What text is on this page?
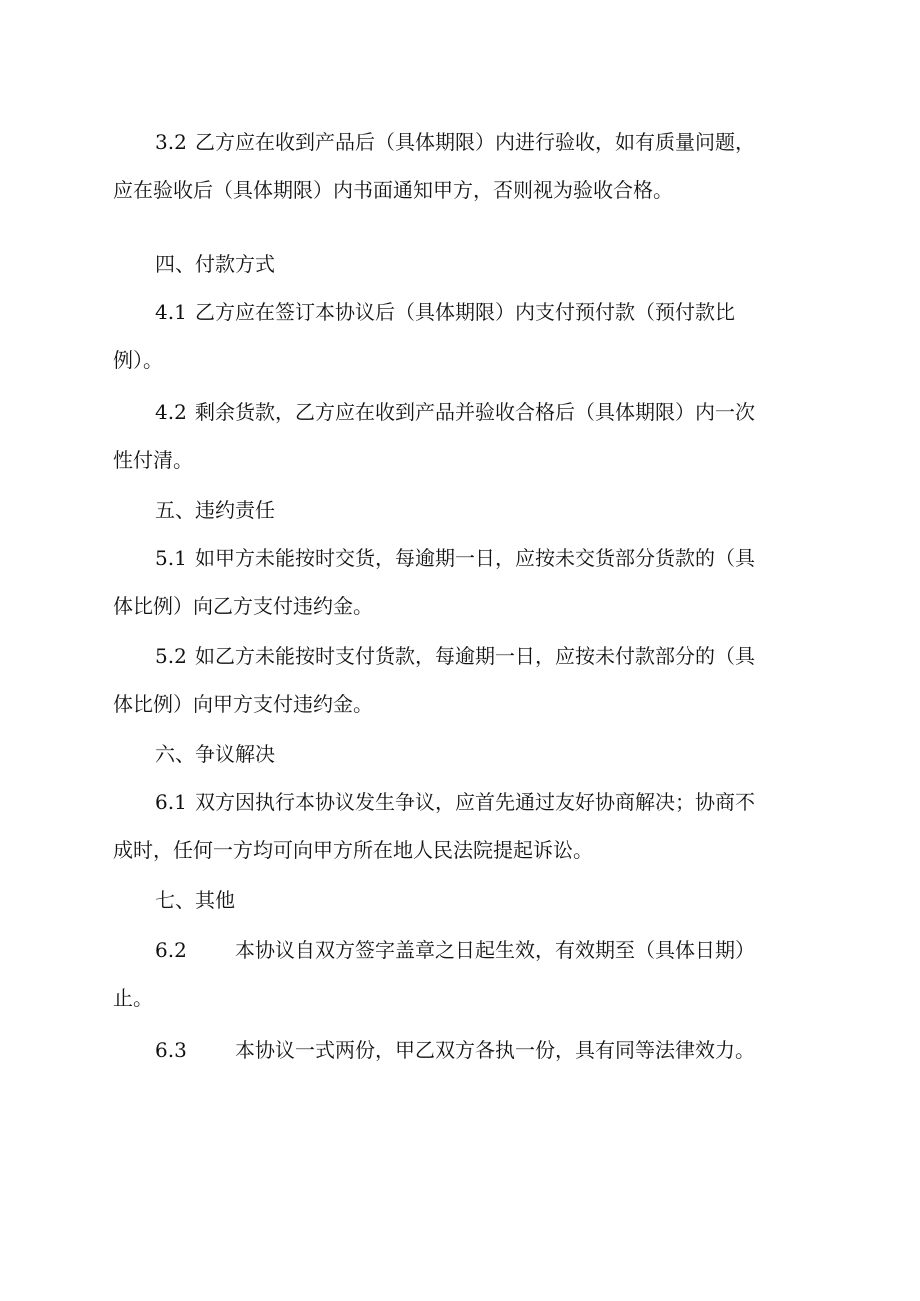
3.2 乙方应在收到产品后（具体期限）内进行验收，如有质量问题，
应在验收后（具体期限）内书面通知甲方，否则视为验收合格。
四、付款方式
4.1 乙方应在签订本协议后（具体期限）内支付预付款（预付款比
例）。
4.2 剩余货款，乙方应在收到产品并验收合格后（具体期限）内一次
性付清。
五、违约责任
5.1 如甲方未能按时交货，每逾期一日，应按未交货部分货款的（具
体比例）向乙方支付违约金。
5.2 如乙方未能按时支付货款，每逾期一日，应按未付款部分的（具
体比例）向甲方支付违约金。
六、争议解决
6.1 双方因执行本协议发生争议，应首先通过友好协商解决；协商不
成时，任何一方均可向甲方所在地人民法院提起诉讼。
七、其他
6.2 本协议自双方签字盖章之日起生效，有效期至（具体日期）
止。
6.3 本协议一式两份，甲乙双方各执一份，具有同等法律效力。
